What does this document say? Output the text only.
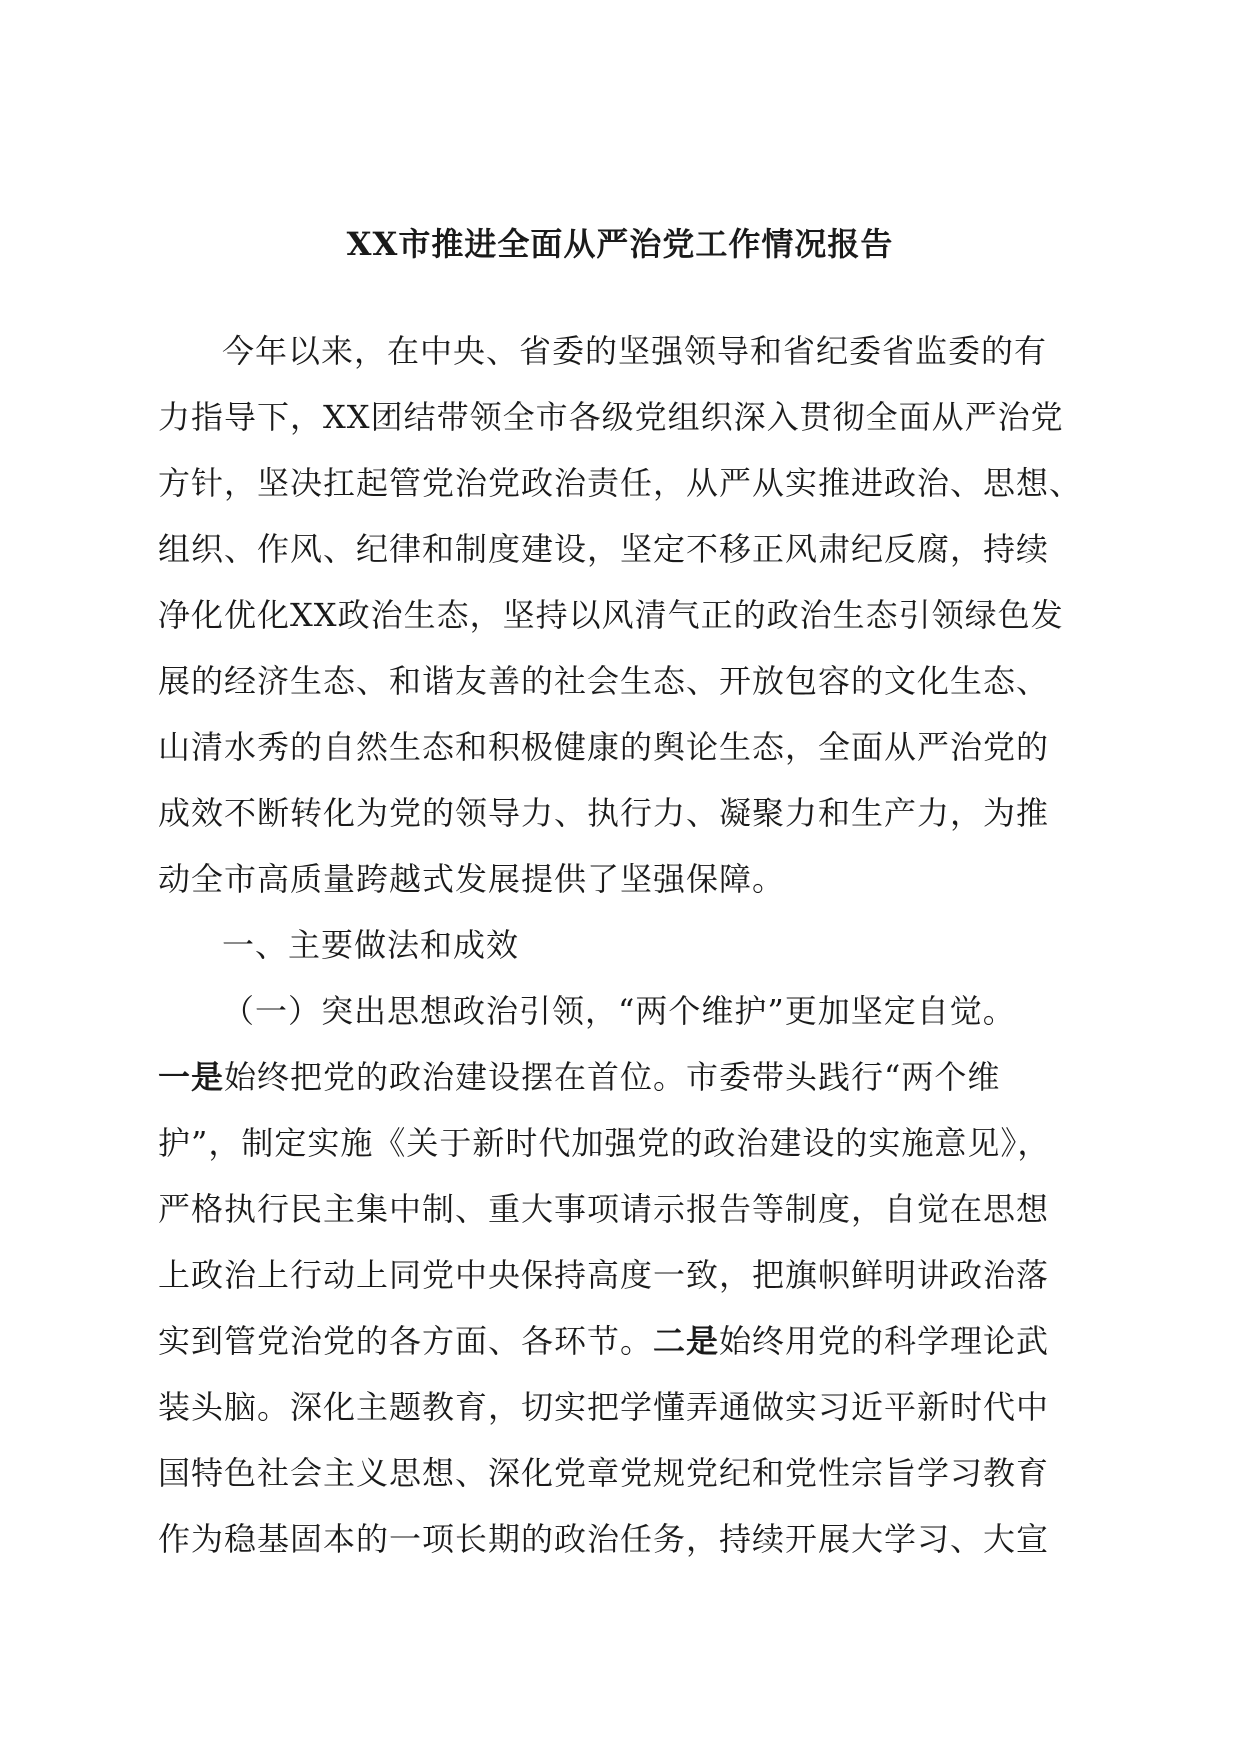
XX市推进全面从严治党工作情况报告
今年以来，在中央、省委的坚强领导和省纪委省监委的有
力指导下，XX团结带领全市各级党组织深入贯彻全面从严治党
方针，坚决扛起管党治党政治责任，从严从实推进政治、思想、
组织、作风、纪律和制度建设，坚定不移正风肃纪反腐，持续
净化优化XX政治生态，坚持以风清气正的政治生态引领绿色发
展的经济生态、和谐友善的社会生态、开放包容的文化生态、
山清水秀的自然生态和积极健康的舆论生态，全面从严治党的
成效不断转化为党的领导力、执行力、凝聚力和生产力，为推
动全市高质量跨越式发展提供了坚强保障。
一、主要做法和成效
（一）突出思想政治引领，“两个维护”更加坚定自觉。
一是始终把党的政治建设摆在首位。市委带头践行“两个维
护”，制定实施《关于新时代加强党的政治建设的实施意见》，
严格执行民主集中制、重大事项请示报告等制度，自觉在思想
上政治上行动上同党中央保持高度一致，把旗帜鲜明讲政治落
实到管党治党的各方面、各环节。二是始终用党的科学理论武
装头脑。深化主题教育，切实把学懂弄通做实习近平新时代中
国特色社会主义思想、深化党章党规党纪和党性宗旨学习教育
作为稳基固本的一项长期的政治任务，持续开展大学习、大宣
